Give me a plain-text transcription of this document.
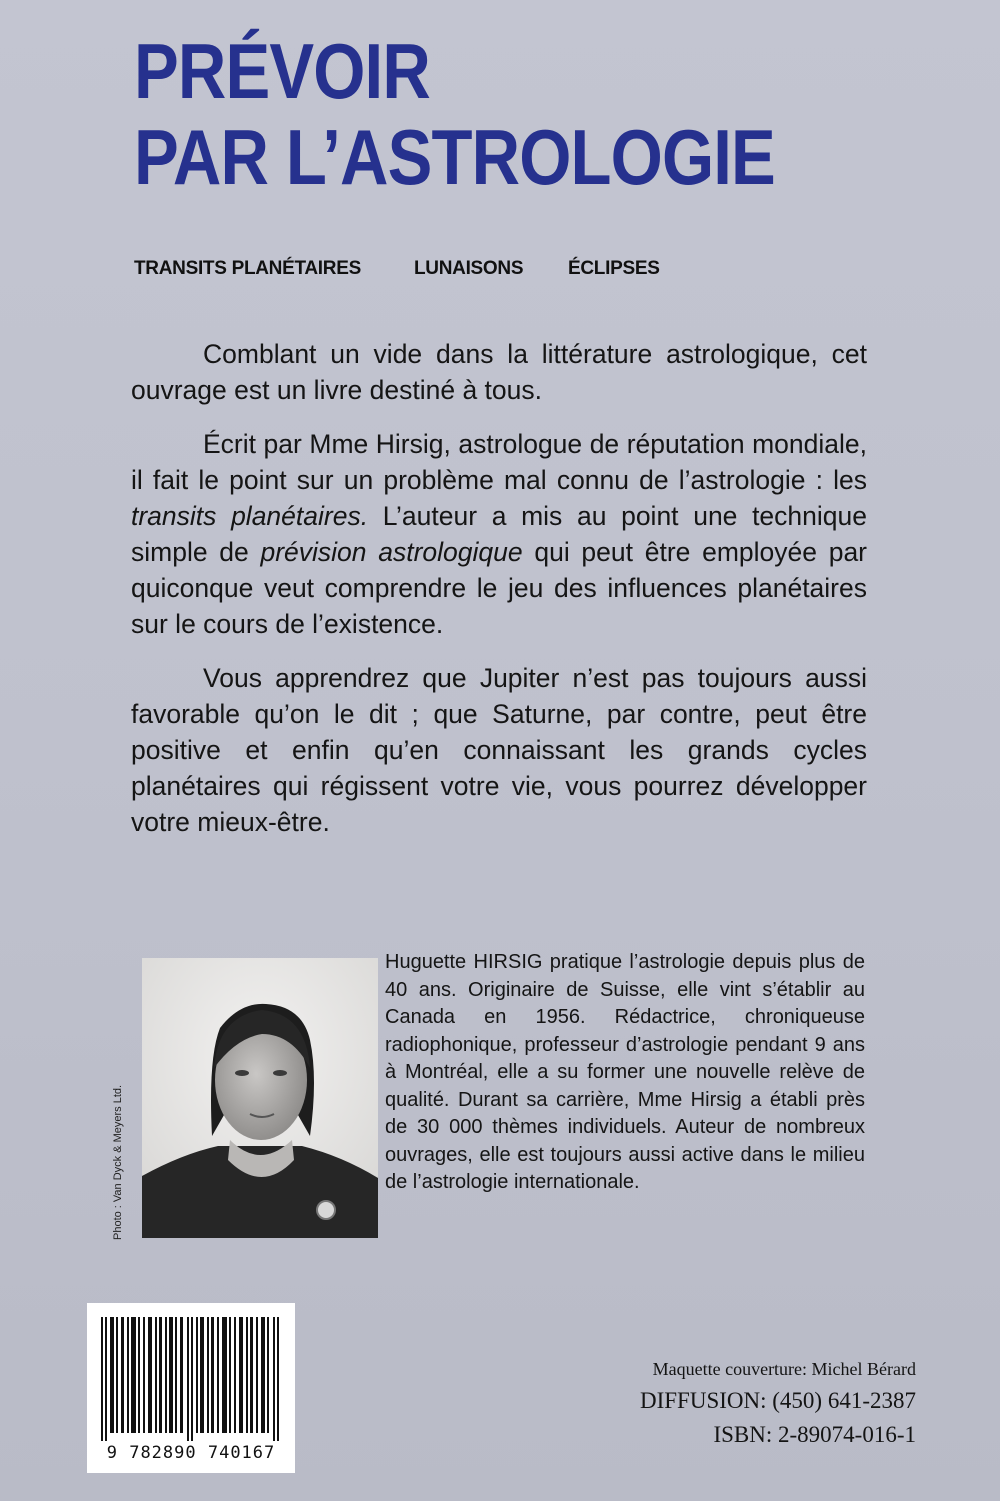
PRÉVOIR
PAR L’ASTROLOGIE
TRANSITS PLANÉTAIRES	LUNAISONS ÉCLIPSES

Comblant un vide dans la littérature astrologique, cet ouvrage est un livre destiné à tous.

Écrit par Mme Hirsig, astrologue de réputation mondiale, il fait le point sur un problème mal connu de l’astrologie : les transits planétaires. L’auteur a mis au point une technique simple de prévision astrologique qui peut être employée par quiconque veut comprendre le jeu des influences planétaires sur le cours de l’existence.

Vous apprendrez que Jupiter n’est pas toujours aussi favorable qu’on le dit ; que Saturne, par contre, peut être positive et enfin qu’en connaissant les grands cycles planétaires qui régissent votre vie, vous pourrez développer votre mieux-être.

Photo : Van Dyck & Meyers Ltd.
Huguette HIRSIG pratique l’astrologie depuis plus de 40 ans. Originaire de Suisse, elle vint s’établir au Canada en 1956. Rédactrice, chroniqueuse radiophonique, professeur d’astrologie pendant 9 ans à Montréal, elle a su former une nouvelle relève de qualité. Durant sa carrière, Mme Hirsig a établi près de 30 000 thèmes individuels. Auteur de nombreux ouvrages, elle est toujours aussi active dans le milieu de l’astrologie internationale.
9 782890 740167
Maquette couverture: Michel Bérard
DIFFUSION: (450) 641-2387
ISBN: 2-89074-016-1
